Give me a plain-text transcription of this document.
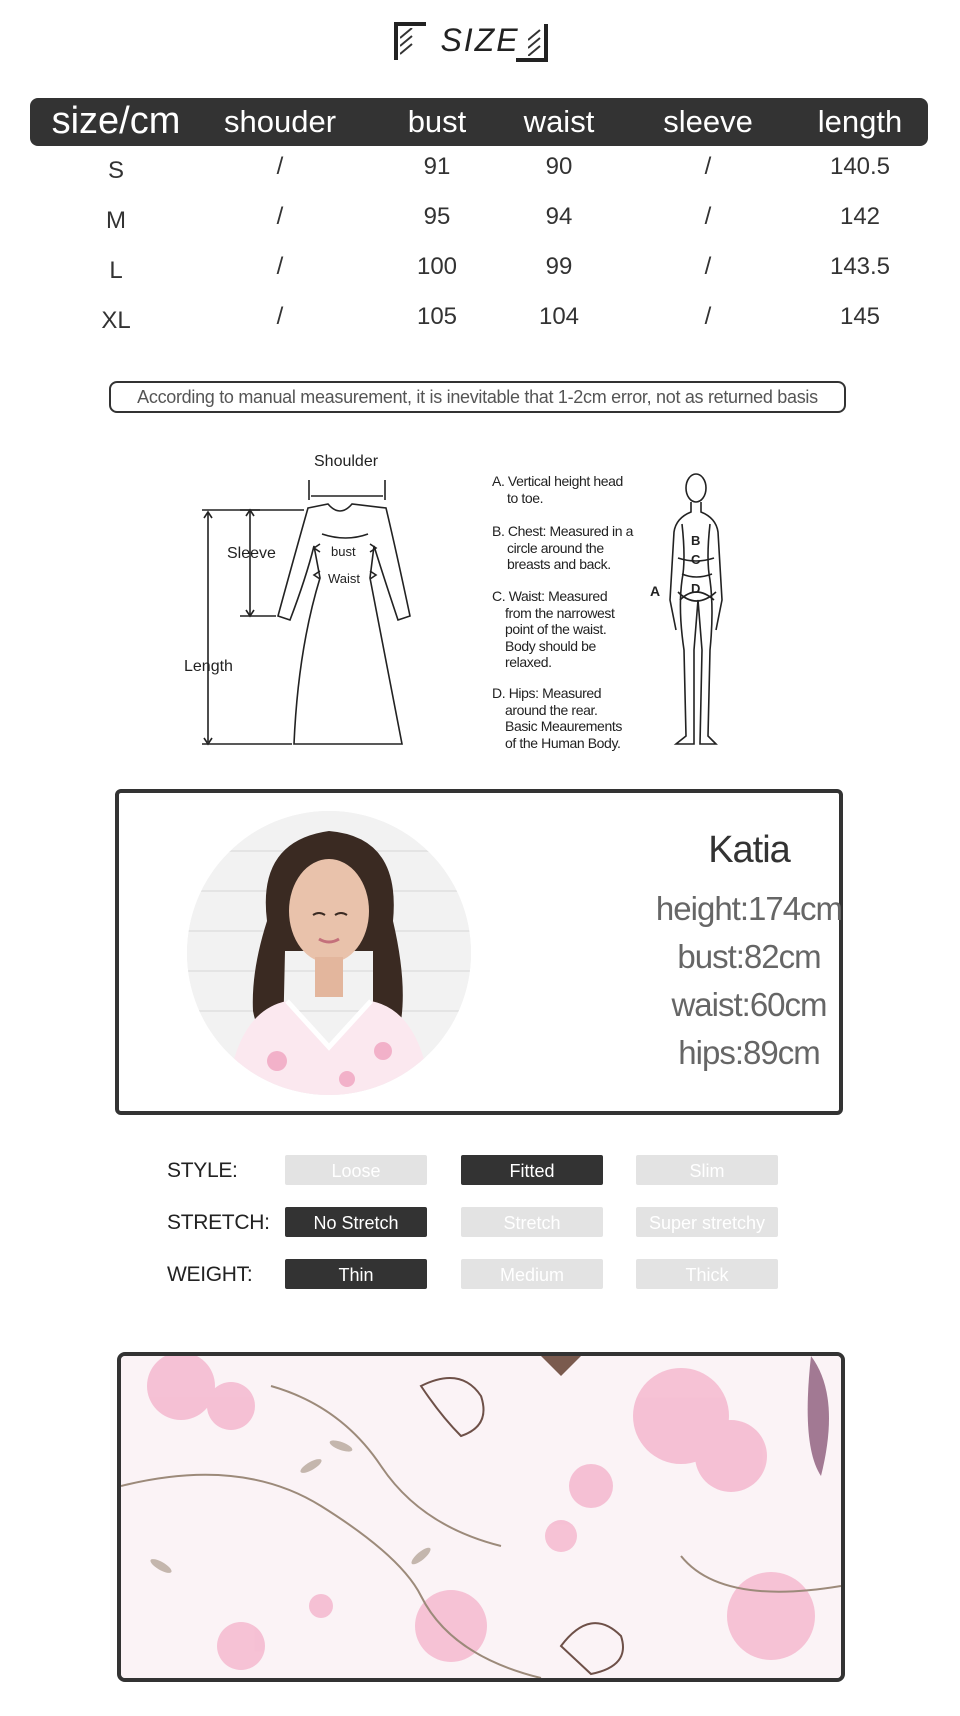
SIZE
size/cm shouder bust waist sleeve length
S	/	91	90	/	140.5
M	/	95	94	/	142
L	/	100	99	/	143.5
XL	/	105	104	/	145
According to manual measurement, it is inevitable that 1-2cm error, not as returned basis
Shoulder
Sleeve
Length
bust
Waist
A
B
C
D
A. Vertical height head
to toe.
B. Chest: Measured in a
circle around the
breasts and back.
C. Waist: Measured
from the narrowest
point of the waist.
Body should be
relaxed.
D. Hips: Measured
around the rear.
Basic Meaurements
of the Human Body.
Katia
height:174cm
bust:82cm
waist:60cm
hips:89cm
STYLE:	Loose	Fitted	Slim
STRETCH:	No Stretch	Stretch	Super stretchy
WEIGHT:	Thin	Medium	Thick
